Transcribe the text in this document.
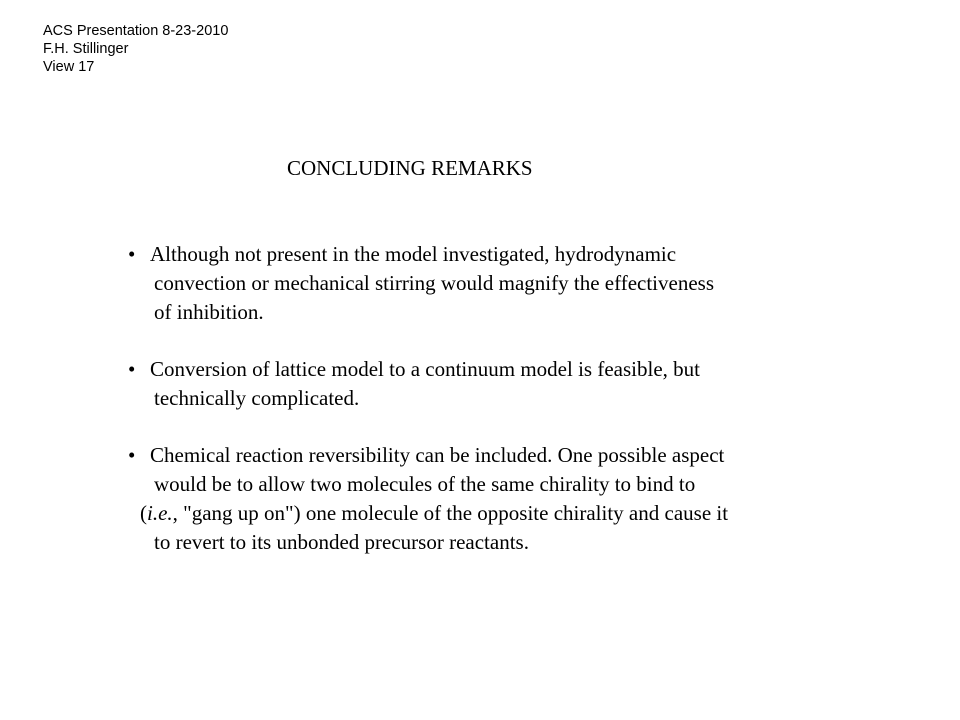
ACS Presentation 8-23-2010
F.H. Stillinger
View 17
CONCLUDING REMARKS
• Although not present in the model investigated, hydrodynamic
convection or mechanical stirring would magnify the effectiveness
of inhibition.
• Conversion of lattice model to a continuum model is feasible, but
technically complicated.
• Chemical reaction reversibility can be included. One possible aspect
would be to allow two molecules of the same chirality to bind to
(i.e., "gang up on") one molecule of the opposite chirality and cause it
to revert to its unbonded precursor reactants.
